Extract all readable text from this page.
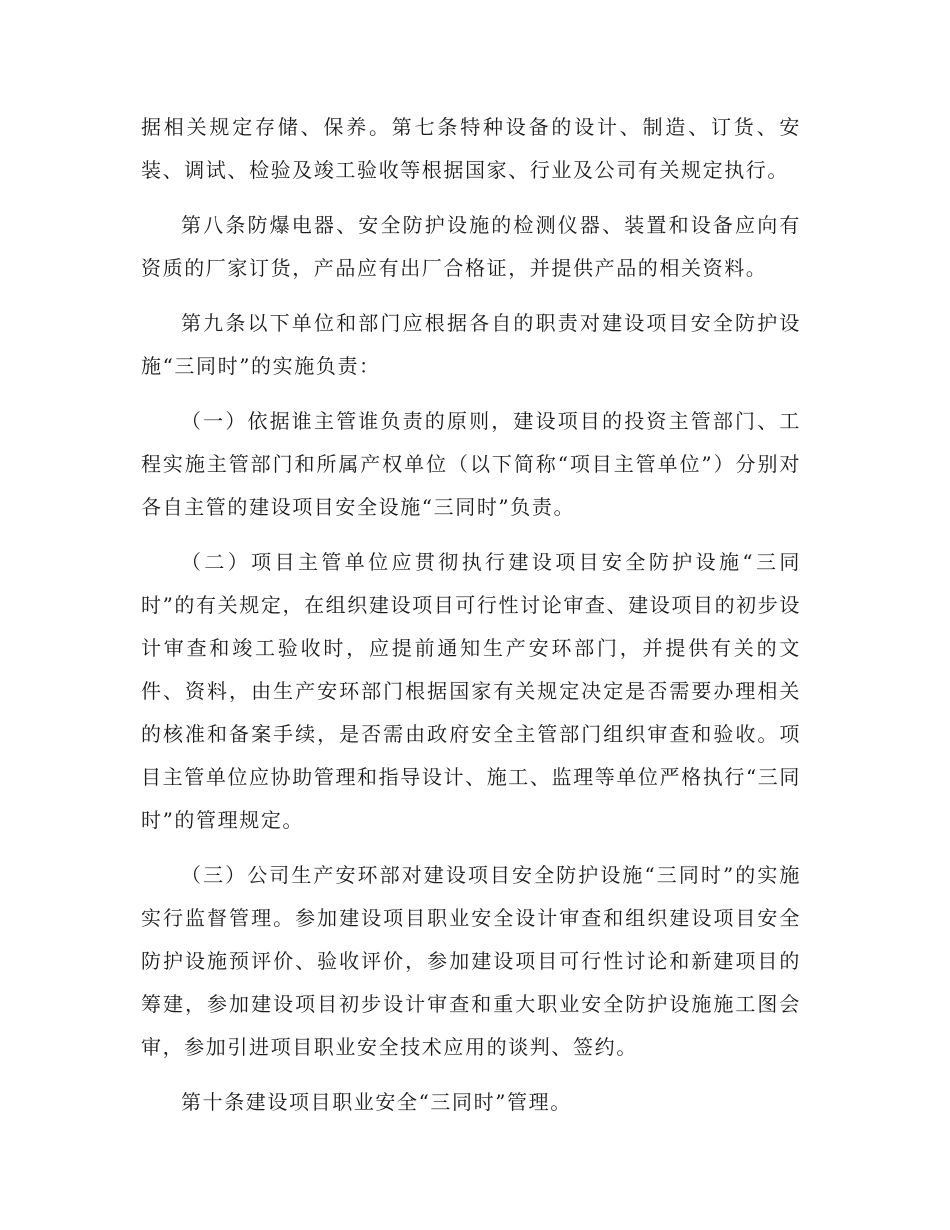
据相关规定存储、保养。第七条特种设备的设计、制造、订货、安装、调试、检验及竣工验收等根据国家、行业及公司有关规定执行。

第八条防爆电器、安全防护设施的检测仪器、装置和设备应向有资质的厂家订货，产品应有出厂合格证，并提供产品的相关资料。

第九条以下单位和部门应根据各自的职责对建设项目安全防护设施“三同时”的实施负责：

（一）依据谁主管谁负责的原则，建设项目的投资主管部门、工程实施主管部门和所属产权单位（以下简称“项目主管单位”）分别对各自主管的建设项目安全设施“三同时”负责。

（二）项目主管单位应贯彻执行建设项目安全防护设施“三同时”的有关规定，在组织建设项目可行性讨论审查、建设项目的初步设计审查和竣工验收时，应提前通知生产安环部门，并提供有关的文件、资料，由生产安环部门根据国家有关规定决定是否需要办理相关的核准和备案手续，是否需由政府安全主管部门组织审查和验收。项目主管单位应协助管理和指导设计、施工、监理等单位严格执行“三同时”的管理规定。

（三）公司生产安环部对建设项目安全防护设施“三同时”的实施实行监督管理。参加建设项目职业安全设计审查和组织建设项目安全防护设施预评价、验收评价，参加建设项目可行性讨论和新建项目的筹建，参加建设项目初步设计审查和重大职业安全防护设施施工图会审，参加引进项目职业安全技术应用的谈判、签约。

第十条建设项目职业安全“三同时”管理。
